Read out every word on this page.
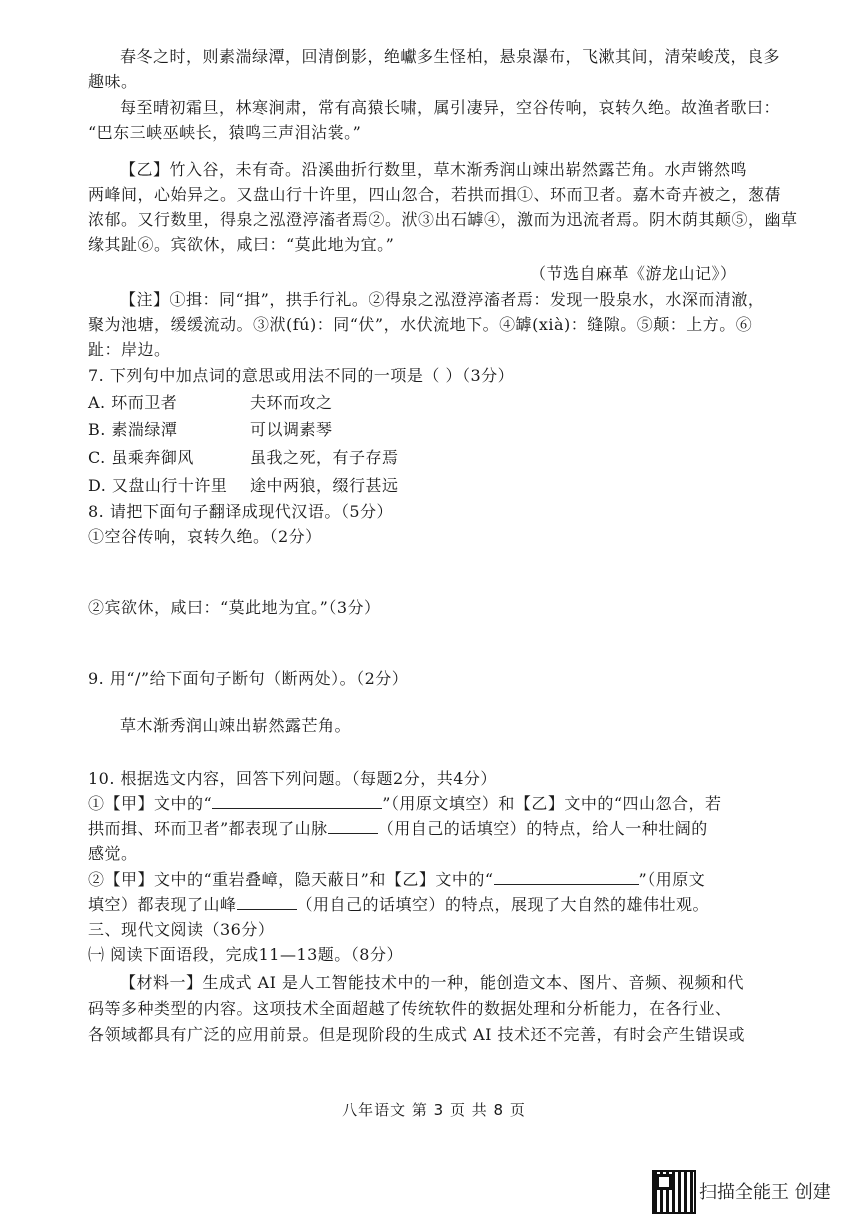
春冬之时，则素湍绿潭，回清倒影，绝巘多生怪柏，悬泉瀑布，飞漱其间，清荣峻茂，良多
趣味。
每至晴初霜旦，林寒涧肃，常有高猿长啸，属引凄异，空谷传响，哀转久绝。故渔者歌曰：
“巴东三峡巫峡长，猿鸣三声泪沾裳。”
【乙】竹入谷，未有奇。沿溪曲折行数里，草木渐秀润山竦出崭然露芒角。水声锵然鸣
两峰间，心始异之。又盘山行十许里，四山忽合，若拱而揖①、环而卫者。嘉木奇卉被之，葱蒨
浓郁。又行数里，得泉之泓澄渟滀者焉②。洑③出石罅④，激而为迅流者焉。阴木荫其颠⑤，幽草
缘其趾⑥。宾欲休，咸曰：“莫此地为宜。”
（节选自麻革《游龙山记》）
【注】①揖：同“揖”，拱手行礼。②得泉之泓澄渟滀者焉：发现一股泉水，水深而清澈，
聚为池塘，缓缓流动。③洑(fú)：同“伏”，水伏流地下。④罅(xià)：缝隙。⑤颠：上方。⑥
趾：岸边。
7. 下列句中加点词的意思或用法不同的一项是（ ）（3分）
A. 环而卫者	夫环而攻之
B. 素湍绿潭	可以调素琴
C. 虽乘奔御风	虽我之死，有子存焉
D. 又盘山行十许里 途中两狼，缀行甚远
8. 请把下面句子翻译成现代汉语。（5分）
①空谷传响，哀转久绝。（2分）
②宾欲休，咸曰：“莫此地为宜。”（3分）
9. 用“/”给下面句子断句（断两处）。（2分）
草木渐秀润山竦出崭然露芒角。
10. 根据选文内容，回答下列问题。（每题2分，共4分）
①【甲】文中的“	”（用原文填空）和【乙】文中的“四山忽合，若
拱而揖、环而卫者”都表现了山脉	（用自己的话填空）的特点，给人一种壮阔的
感觉。
②【甲】文中的“重岩叠嶂，隐天蔽日”和【乙】文中的“	”（用原文
填空）都表现了山峰	（用自己的话填空）的特点，展现了大自然的雄伟壮观。
三、现代文阅读（36分）
㈠ 阅读下面语段，完成11—13题。（8分）
【材料一】生成式 AI 是人工智能技术中的一种，能创造文本、图片、音频、视频和代
码等多种类型的内容。这项技术全面超越了传统软件的数据处理和分析能力，在各行业、
各领域都具有广泛的应用前景。但是现阶段的生成式 AI 技术还不完善，有时会产生错误或
八年语文 第 3 页 共 8 页
扫描全能王 创建
